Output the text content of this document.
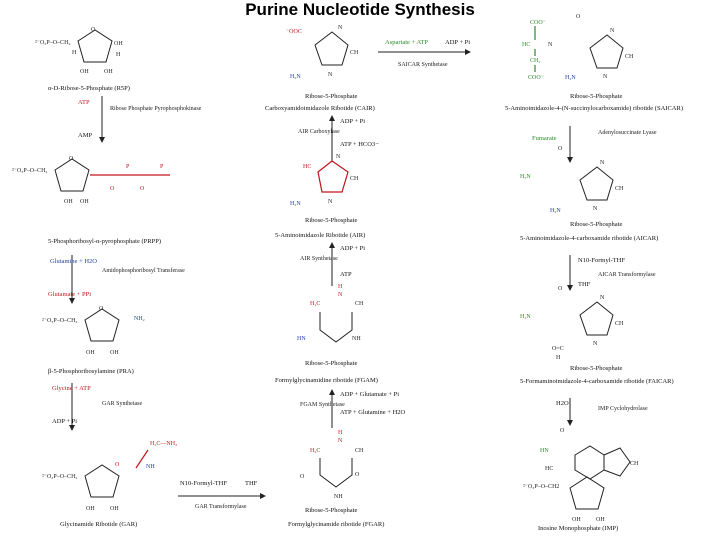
Purine Nucleotide Synthesis
²⁻O₃P–O–CH₂
O
OH
OH	OH
H	H
α-D-Ribose-5-Phosphate (R5P)
ATP
AMP
Ribose Phosphate Pyrophosphokinase
²⁻O₃P–O–CH₂
O
OH OH
P	P
O	O
5-Phosphoribosyl-α-pyrophosphate (PRPP)
Glutamine + H2O
Glutamate + PPi
Amidophosphoribosyl Transferase
²⁻O₃P–O–CH₂
O
NH₂
OH	OH
β-5-Phosphoribosylamine (PRA)
Glycine + ATP
ADP + Pi
GAR Synthetase
H₂C—NH₂
O	NH
²⁻O₃P–O–CH₂
OH	OH
Glycinamide Ribotide (GAR)
N10-Formyl-THF	THF
GAR Transformylase
⁻OOC
N
CH
H₂N	N
Ribose-5-Phosphate
Carboxyamidoimidazole Ribotide (CAIR)
ADP + Pi
ATP + HCO3−
AIR Carboxylase
HC
N
CH
H₂N	N
Ribose-5-Phosphate
5-Aminoimidazole Ribotide (AIR)
ADP + Pi
ATP
AIR Synthetase
H
N
H₂C	CH
HN	NH
Ribose-5-Phosphate
Formylglycinamidine ribotide (FGAM)
ADP + Glutamate + Pi
ATP + Glutamine + H2O
FGAM Synthetase
H
N
H₂C	CH
O	O
NH
Ribose-5-Phosphate
Formylglycinamide ribotide (FGAR)
Aspartate + ATP	ADP + Pi
SAICAR Synthetase
COO⁻
HC
CH₂
COO⁻
N
O
N
CH
H₂N	N
Ribose-5-Phosphate
5-Aminoimidazole-4-(N-succinylocarboxamide) ribotide (SAICAR)
Fumarate
Adenylosuccinate Lyase
O
H₂N
N
CH
H₂N	N
Ribose-5-Phosphate
5-Aminoimidazole-4-carboxamide ribotide (AICAR)
N10-Formyl-THF
THF
AICAR Transformylase
O
H₂N
N
CH
O=C
H
N
Ribose-5-Phosphate
5-Formaminoimidazole-4-carboxamide ribotide (FAICAR)
H2O
IMP Cyclohydrolase
O
HN
CH
HC
²⁻O₃P–O–CH2
OH	OH
Inosine Monophosphate (IMP)
